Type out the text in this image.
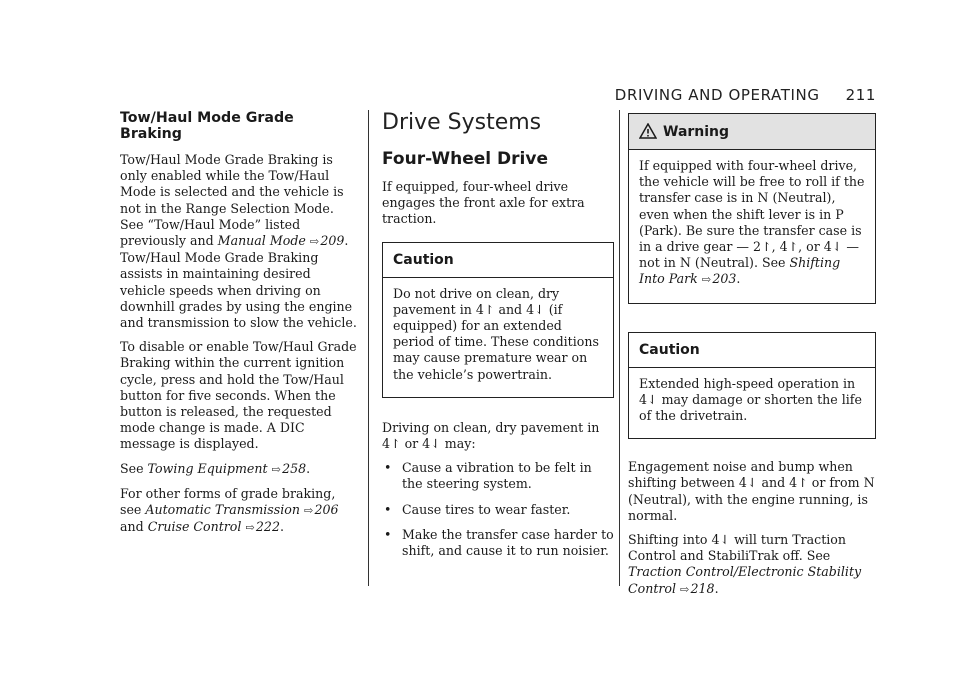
DRIVING AND OPERATING 211
Tow/Haul Mode Grade Braking

Tow/Haul Mode Grade Braking is only enabled while the Tow/Haul Mode is selected and the vehicle is not in the Range Selection Mode. See “Tow/Haul Mode” listed previously and Manual Mode ⇨ 209. Tow/Haul Mode Grade Braking assists in maintaining desired vehicle speeds when driving on downhill grades by using the engine and transmission to slow the vehicle.

To disable or enable Tow/Haul Grade Braking within the current ignition cycle, press and hold the Tow/Haul button for five seconds. When the button is released, the requested mode change is made. A DIC message is displayed.

See Towing Equipment ⇨ 258.

For other forms of grade braking, see Automatic Transmission ⇨ 206 and Cruise Control ⇨ 222.

Drive Systems
Four-Wheel Drive

If equipped, four-wheel drive engages the front axle for extra traction.

Caution

Do not drive on clean, dry pavement in 4↾ and 4⇃ (if equipped) for an extended period of time. These conditions may cause premature wear on the vehicle’s powertrain.

Driving on clean, dry pavement in 4↾ or 4⇃ may:

• Cause a vibration to be felt in the steering system.
• Cause tires to wear faster.
• Make the transfer case harder to shift, and cause it to run noisier.
Warning

If equipped with four-wheel drive, the vehicle will be free to roll if the transfer case is in N (Neutral), even when the shift lever is in P (Park). Be sure the transfer case is in a drive gear — 2↾, 4↾, or 4⇃ — not in N (Neutral). See Shifting Into Park ⇨ 203.

Caution

Extended high-speed operation in 4⇃ may damage or shorten the life of the drivetrain.

Engagement noise and bump when shifting between 4⇃ and 4↾ or from N (Neutral), with the engine running, is normal.

Shifting into 4⇃ will turn Traction Control and StabiliTrak off. See Traction Control/Electronic Stability Control ⇨ 218.
